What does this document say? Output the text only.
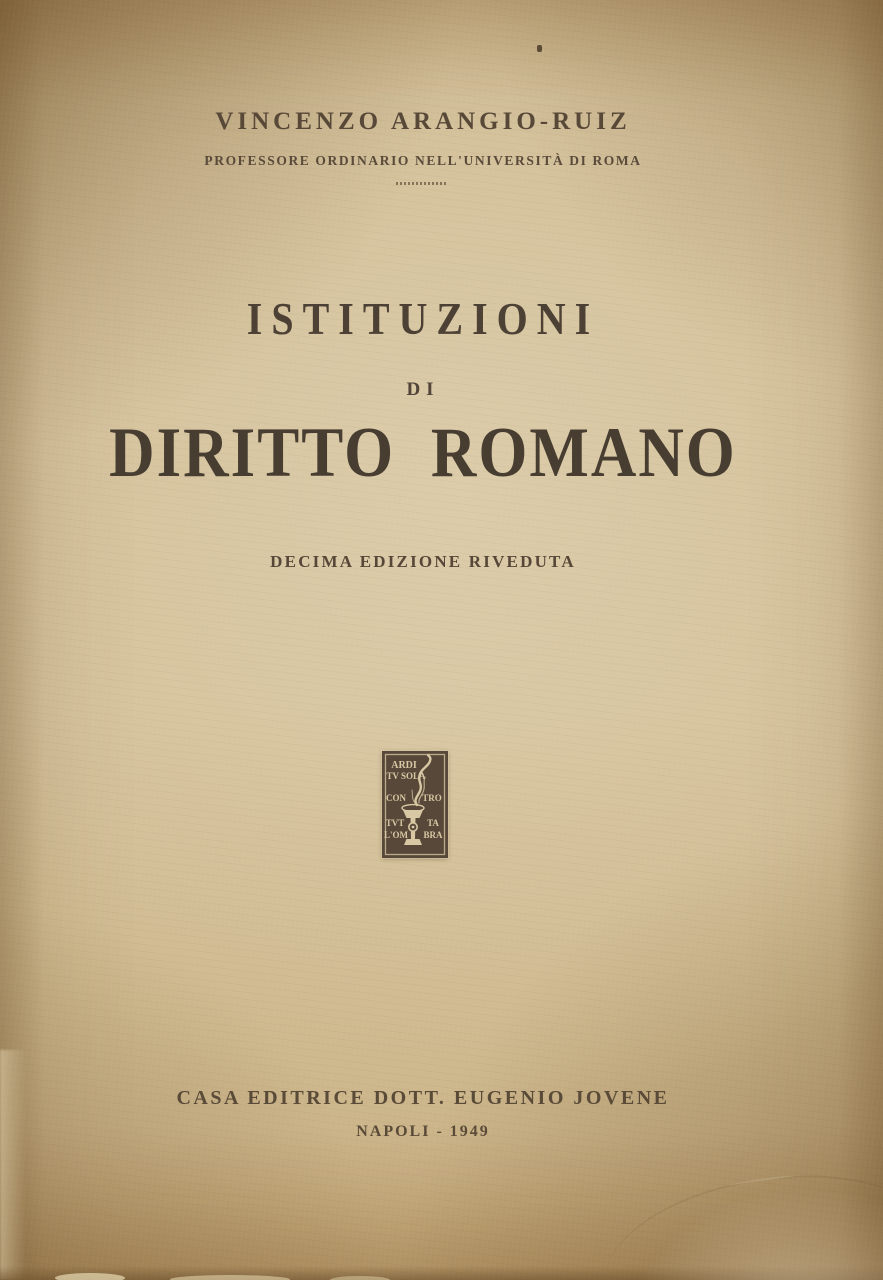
VINCENZO ARANGIO-RUIZ
PROFESSORE ORDINARIO NELL'UNIVERSITÀ DI ROMA
ISTITUZIONI
DI
DIRITTO ROMANO
DECIMA EDIZIONE RIVEDUTA
ARDI
TV SOLA
CON TRO
TVT	TA
L'OM BRA
CASA EDITRICE DOTT. EUGENIO JOVENE
NAPOLI - 1949
